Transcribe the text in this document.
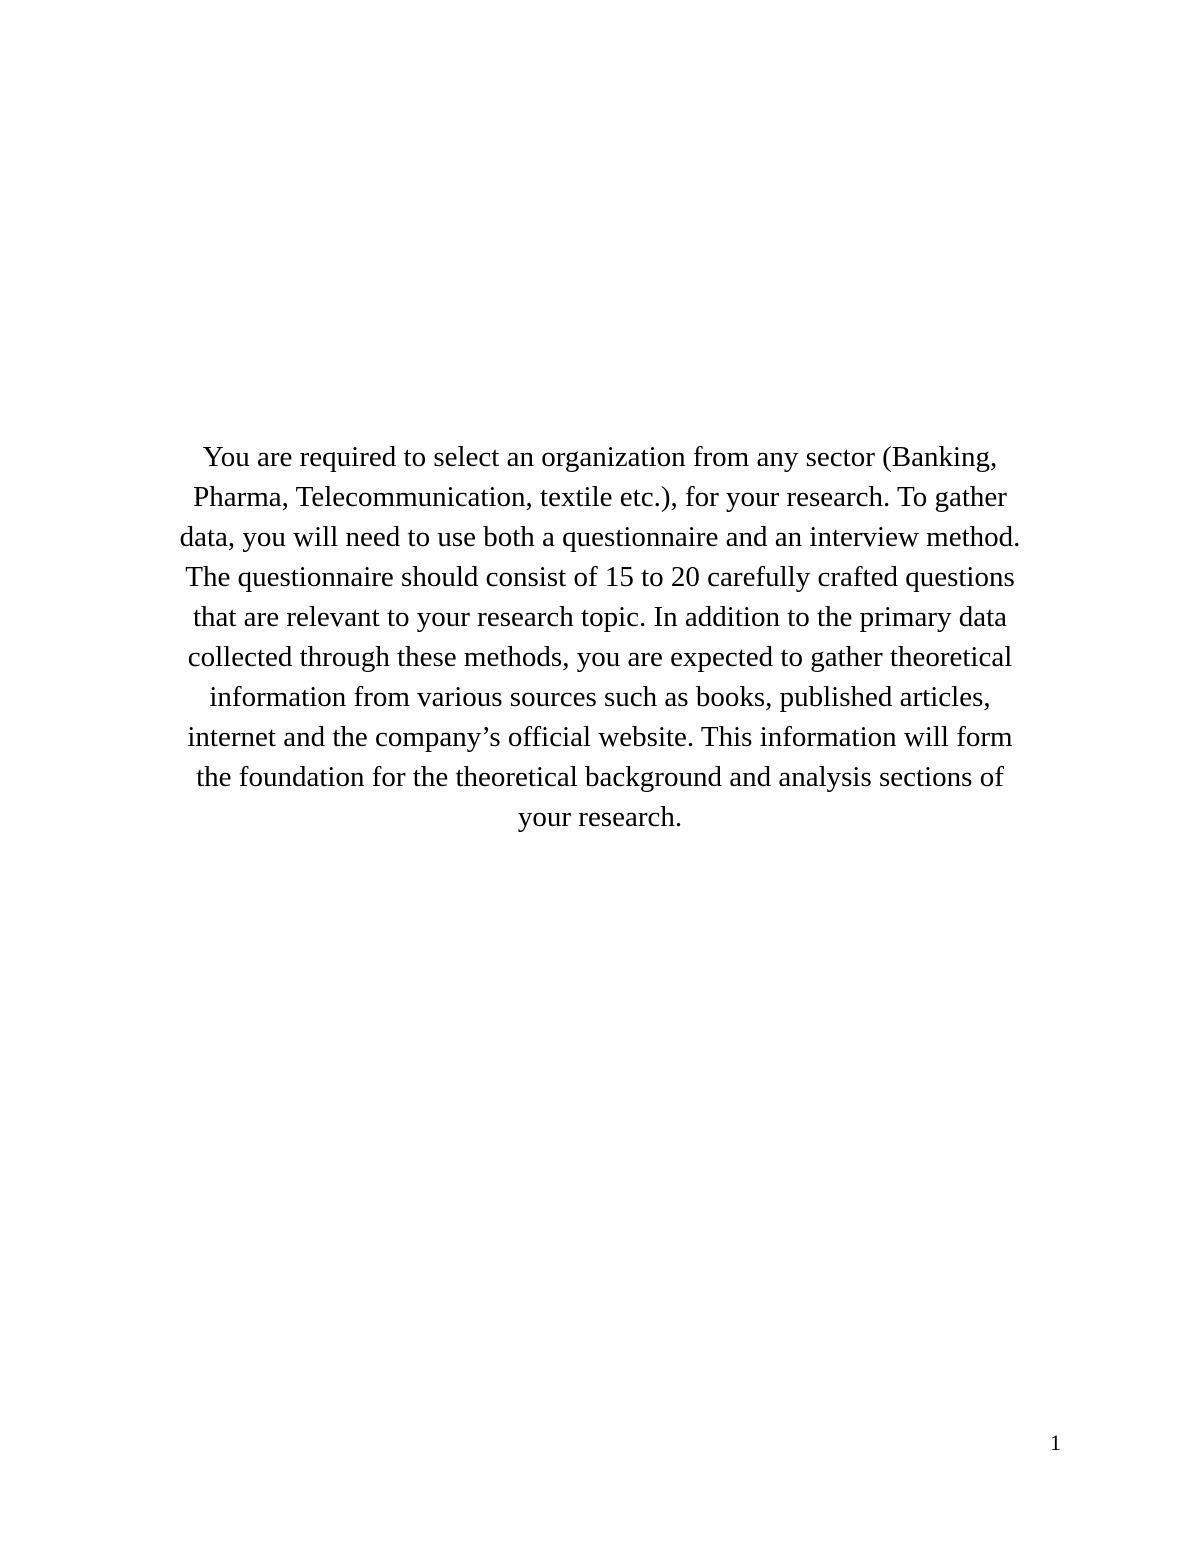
You are required to select an organization from any sector (Banking,
Pharma, Telecommunication, textile etc.), for your research. To gather
data, you will need to use both a questionnaire and an interview method.
The questionnaire should consist of 15 to 20 carefully crafted questions
that are relevant to your research topic. In addition to the primary data
collected through these methods, you are expected to gather theoretical
information from various sources such as books, published articles,
internet and the company’s official website. This information will form
the foundation for the theoretical background and analysis sections of
your research.

1
